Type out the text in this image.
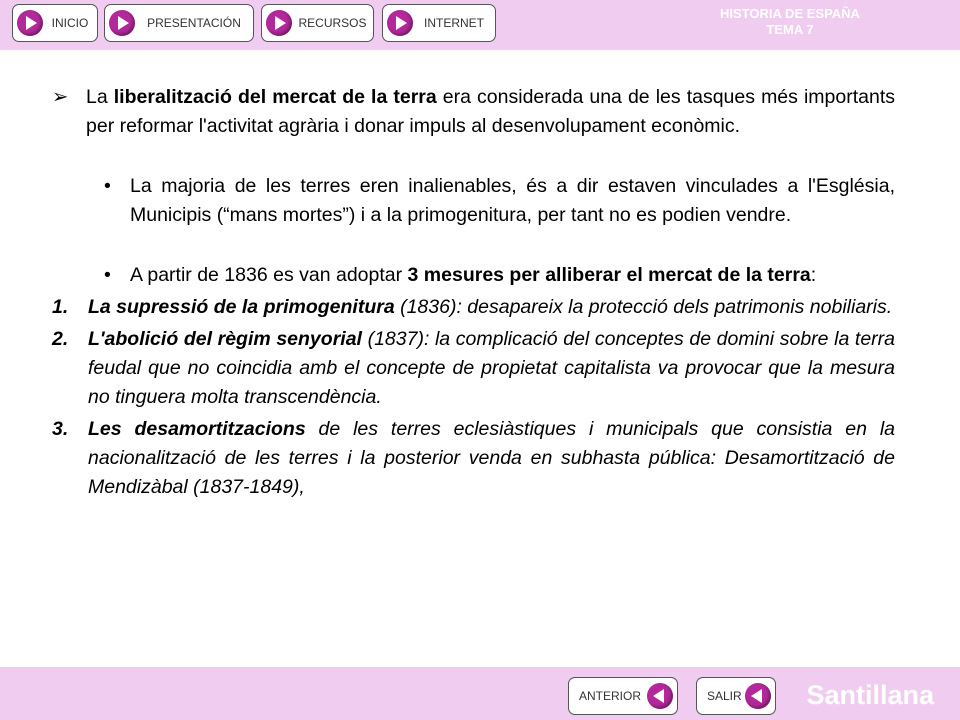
INICIO	PRESENTACIÓN	RECURSOS	INTERNET
HISTORIA DE ESPAÑA
TEMA 7
➢ La liberalització del mercat de la terra era considerada una de les tasques més importants per reformar l'activitat agrària i donar impuls al desenvolupament econòmic.
• La majoria de les terres eren inalienables, és a dir estaven vinculades a l'Església, Municipis (“mans mortes”) i a la primogenitura, per tant no es podien vendre.
• A partir de 1836 es van adoptar 3 mesures per alliberar el mercat de la terra:
1.	La supressió de la primogenitura (1836): desapareix la protecció dels patrimonis nobiliaris.
2.	L'abolició del règim senyorial (1837): la complicació del conceptes de domini sobre la terra feudal que no coincidia amb el concepte de propietat capitalista va provocar que la mesura no tinguera molta transcendència.
3.	Les desamortitzacions de les terres eclesiàstiques i municipals que consistia en la nacionalització de les terres i la posterior venda en subhasta pública: Desamortització de Mendizàbal (1837-1849),
ANTERIOR	SALIR Santillana
